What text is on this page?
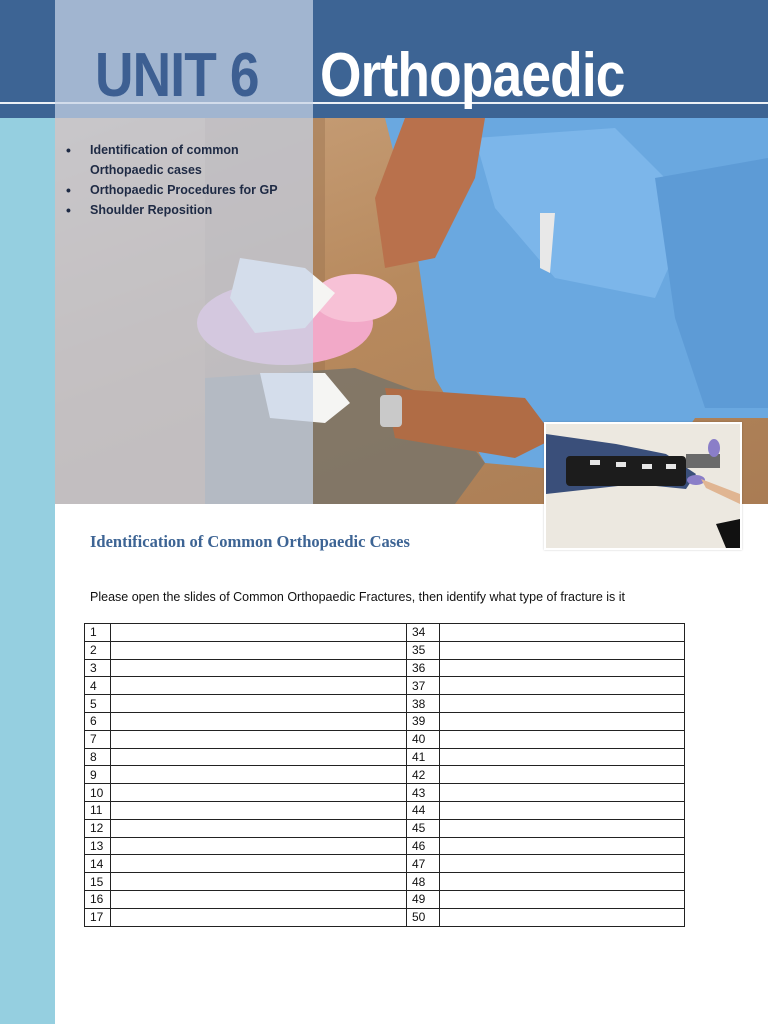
UNIT 6 Orthopaedic
• Identification of common Orthopaedic cases
• Orthopaedic Procedures for GP
• Shoulder Reposition
Identification of Common Orthopaedic Cases

Please open the slides of Common Orthopaedic Fractures, then identify what type of fracture is it

1		34	
2		35	
3		36	
4		37	
5		38	
6		39	
7		40	
8		41	
9		42	
10		43	
11		44	
12		45	
13		46	
14		47	
15		48	
16		49	
17		50	
